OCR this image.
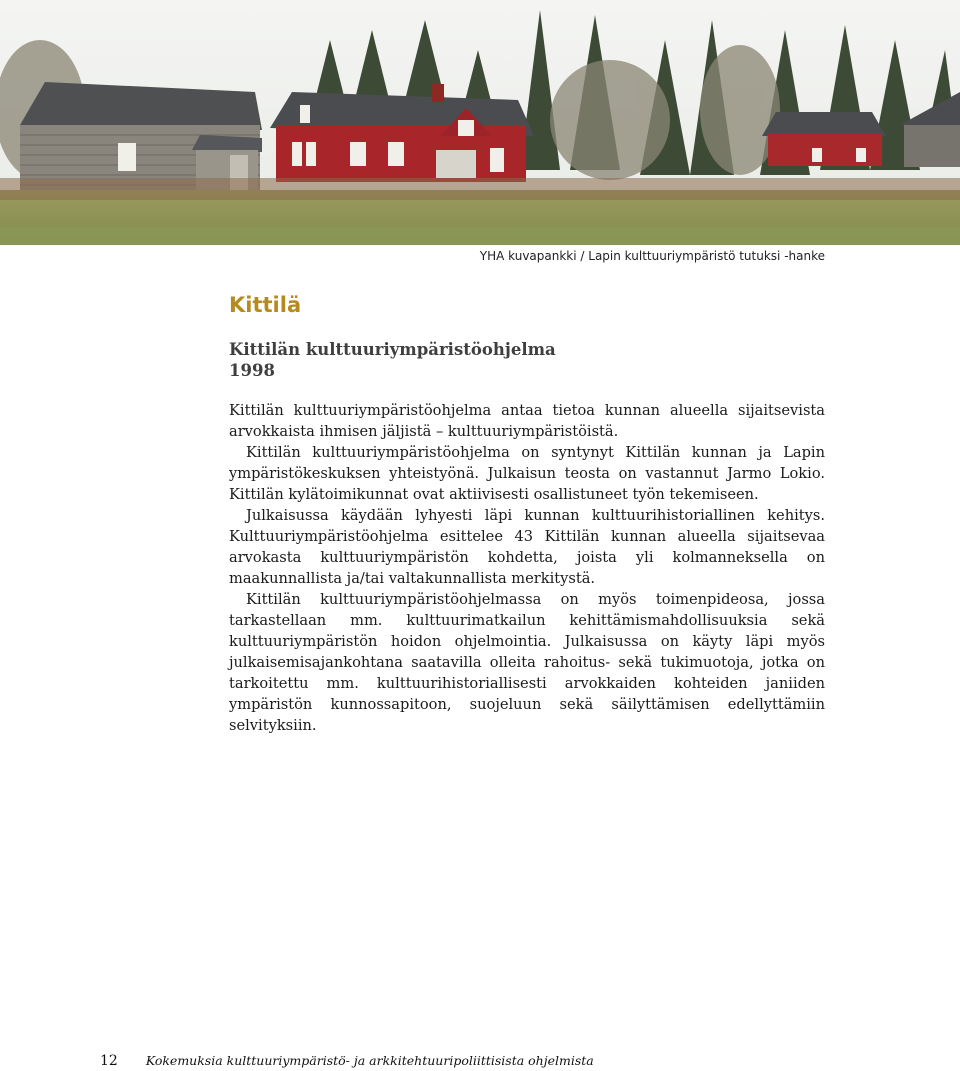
YHA kuvapankki / Lapin kulttuuriympäristö tutuksi -hanke
Kittilä
Kittilän kulttuuriympäristöohjelma
1998

Kittilän kulttuuriympäristöohjelma antaa tietoa kunnan alueella sijaitsevista arvokkaista ihmisen jäljistä – kulttuuriympäristöistä.

Kittilän kulttuuriympäristöohjelma on syntynyt Kittilän kunnan ja Lapin ympäristökeskuksen yhteistyönä. Julkaisun teosta on vastannut Jarmo Lokio. Kittilän kylätoimikunnat ovat aktiivisesti osallistuneet työn tekemiseen.

Julkaisussa käydään lyhyesti läpi kunnan kulttuurihistoriallinen kehitys. Kulttuuriympäristöohjelma esittelee 43 Kittilän kunnan alueella sijaitsevaa arvokasta kulttuuriympäristön kohdetta, joista yli kolmanneksella on maakunnallista ja/tai valtakunnallista merkitystä.

Kittilän kulttuuriympäristöohjelmassa on myös toimenpideosa, jossa tarkastellaan mm. kulttuurimatkailun kehittämismahdollisuuksia sekä kulttuuriympäristön hoidon ohjelmointia. Julkaisussa on käyty läpi myös julkaisemisajankohtana saatavilla olleita rahoitus- sekä tukimuotoja, jotka on tarkoitettu mm. kulttuurihistoriallisesti arvokkaiden kohteiden janiiden ympäristön kunnossapitoon, suojeluun sekä säilyttämisen edellyttämiin selvityksiin.

12 Kokemuksia kulttuuriympäristö- ja arkkitehtuuripoliittisista ohjelmista
